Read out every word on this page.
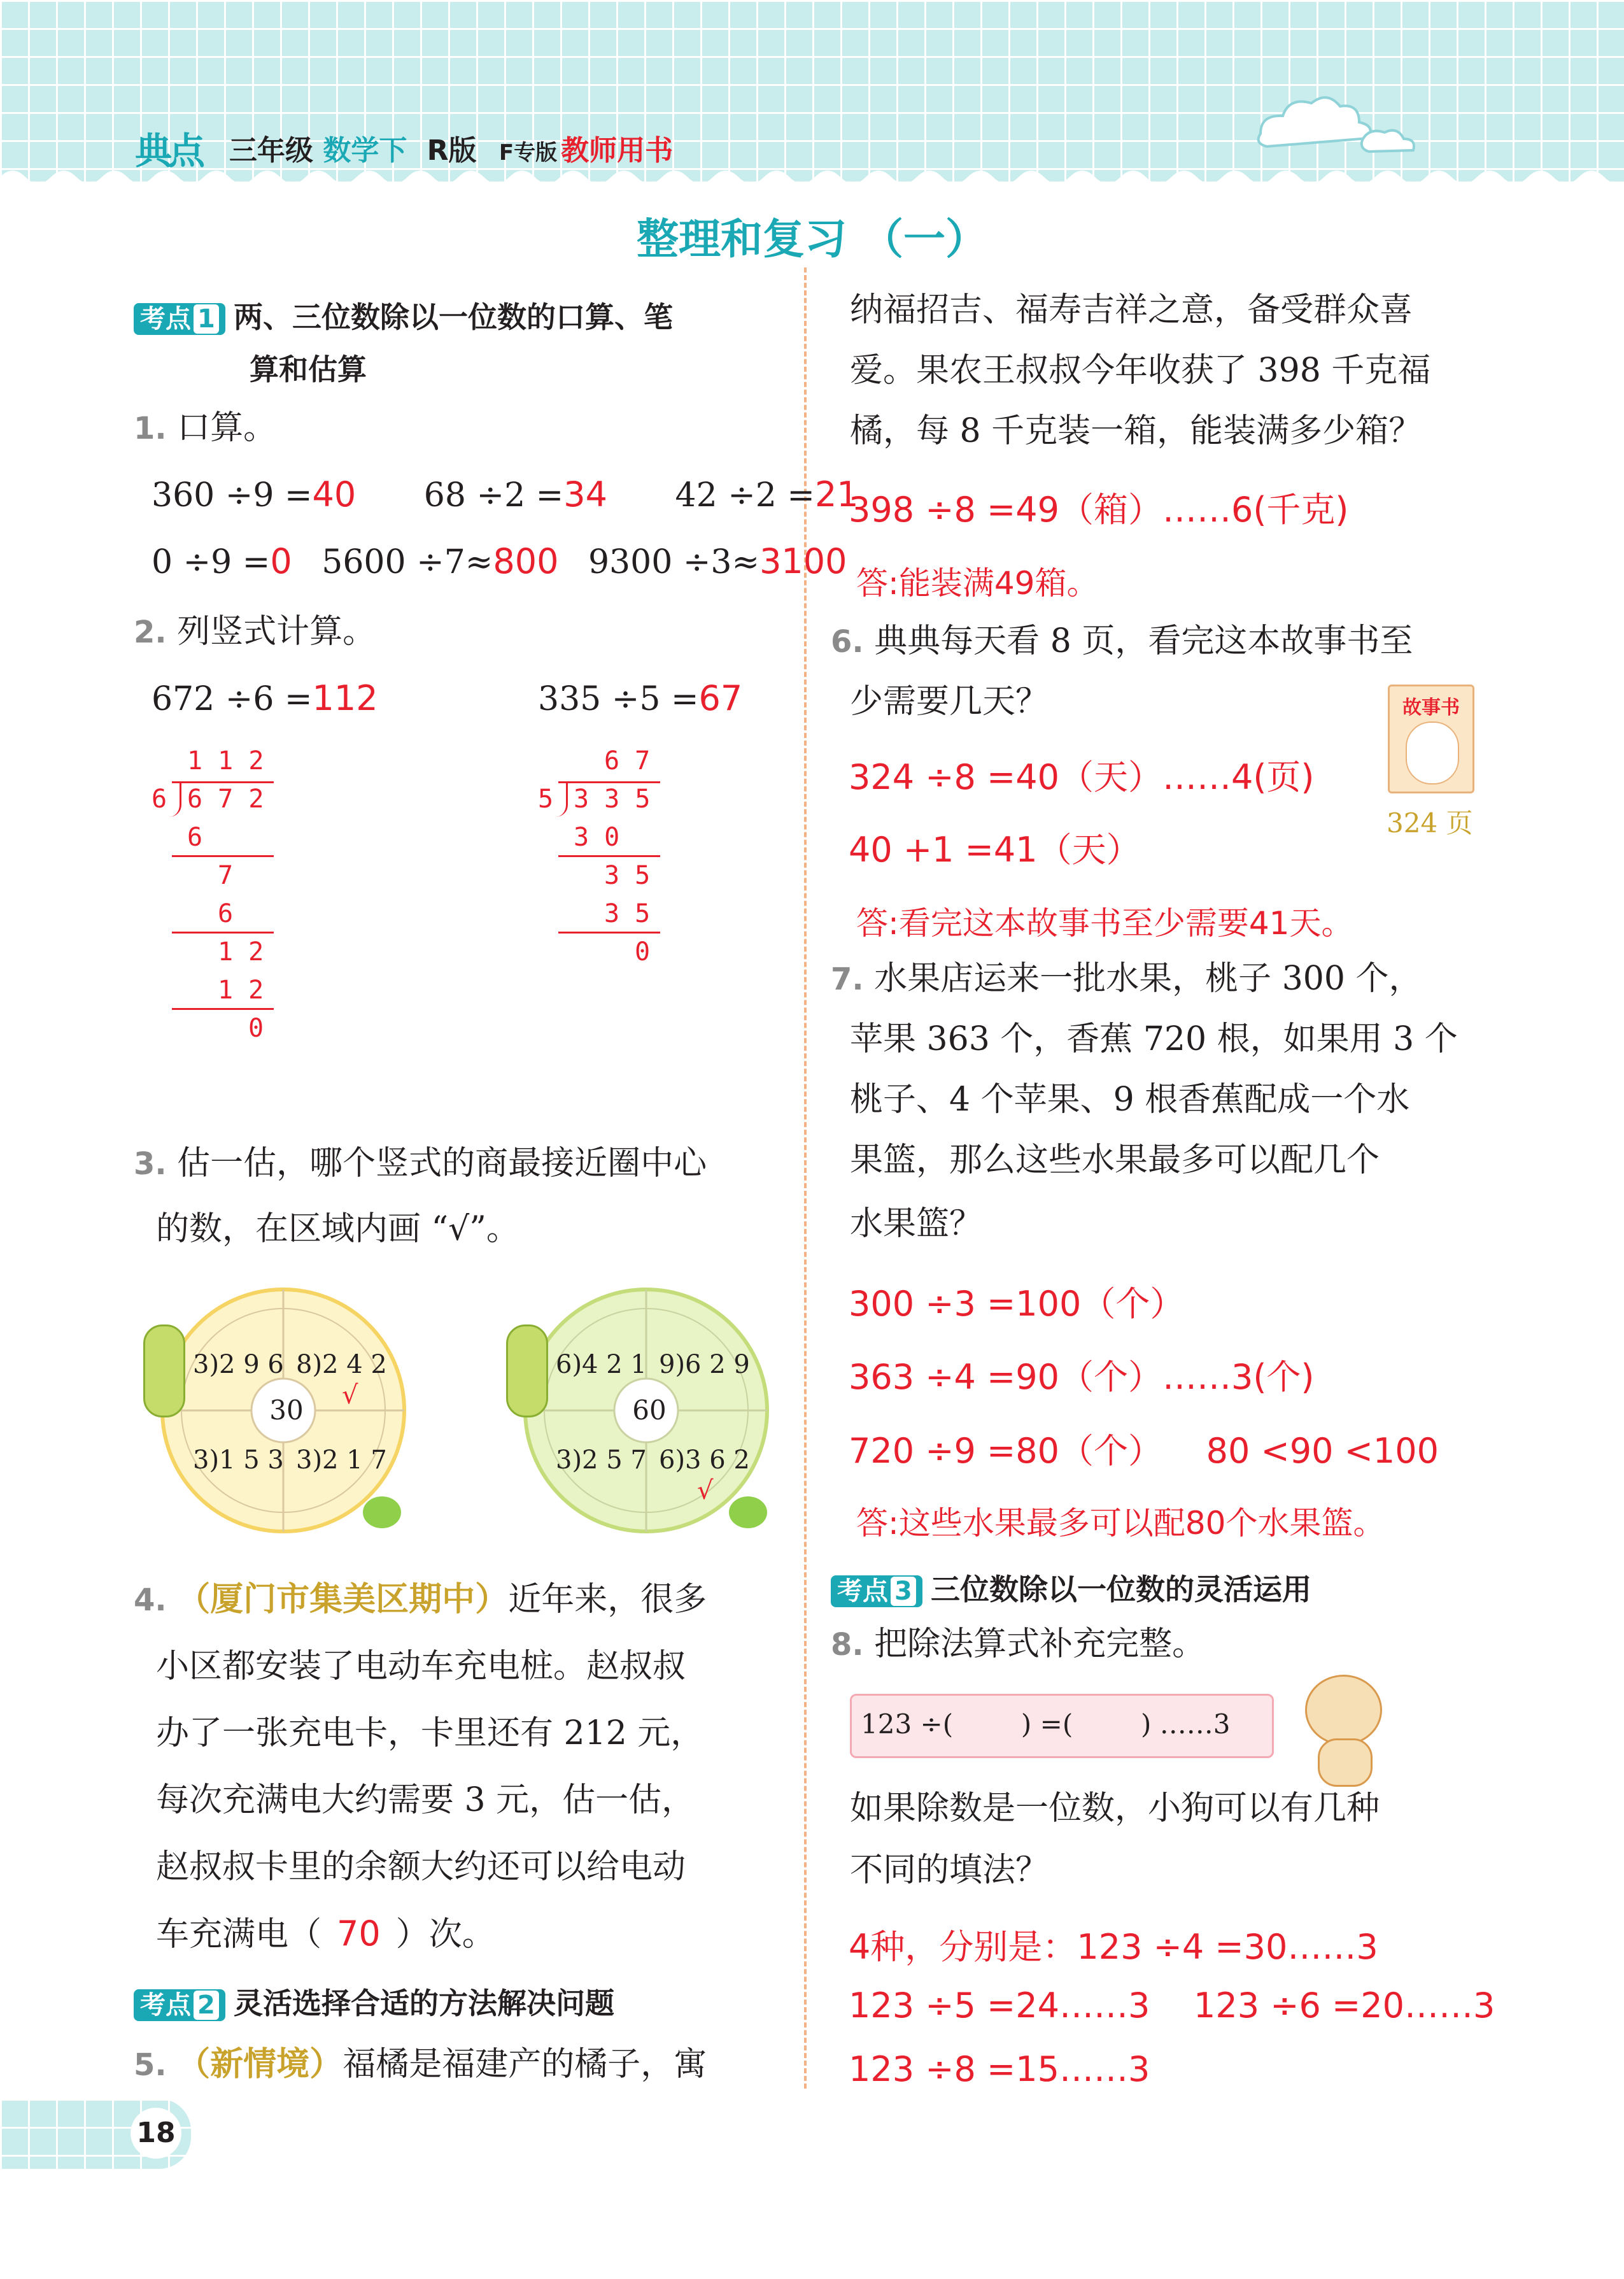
典点 三年级 数学下 R版 F专版 教师用书
整理和复习 （一）
考点 1 两、三位数除以一位数的口算、笔
算和估算
1. 口算。
360 ÷9 =40 68 ÷2 =34 42 ÷2 =21
0 ÷9 =0 5600 ÷7≈800 9300 ÷3≈3100
2. 列竖式计算。
672 ÷6 =112	335 ÷5 =67
1 1 2
6 6 7 2
6
7
6
1 2
1 2
0
6 7
5 3 3 5
3 0
3 5
3 5
0
3. 估一估，哪个竖式的商最接近圈中心
的数，在区域内画 “√”。
3)2 9 6 8)2 4 2
√
30
3)1 5 3 3)2 1 7
6)4 2 1 9)6 2 9
60
3)2 5 7 6)3 6 2
√
4. （厦门市集美区期中）近年来，很多
小区都安装了电动车充电桩。赵叔叔
办了一张充电卡，卡里还有 212 元，
每次充满电大约需要 3 元，估一估，
赵叔叔卡里的余额大约还可以给电动
车充满电（ 70 ）次。
考点 2 灵活选择合适的方法解决问题
5. （新情境）福橘是福建产的橘子，寓
18
纳福招吉、福寿吉祥之意，备受群众喜
爱。果农王叔叔今年收获了 398 千克福
橘，每 8 千克装一箱，能装满多少箱？
398 ÷8 =49（箱）……6(千克)
答:能装满49箱。
6. 典典每天看 8 页，看完这本故事书至
少需要几天？
324 ÷8 =40（天）……4(页)
40 +1 =41（天）
答:看完这本故事书至少需要41天。
故事书
324 页
7. 水果店运来一批水果，桃子 300 个，
苹果 363 个，香蕉 720 根，如果用 3 个
桃子、4 个苹果、9 根香蕉配成一个水
果篮，那么这些水果最多可以配几个
水果篮？
300 ÷3 =100（个）
363 ÷4 =90（个）……3(个)
720 ÷9 =80（个）    80 <90 <100
答:这些水果最多可以配80个水果篮。
考点 3 三位数除以一位数的灵活运用
8. 把除法算式补充完整。
123 ÷(        ) =(        ) ……3
如果除数是一位数，小狗可以有几种
不同的填法？
4种，分别是：123 ÷4 =30……3
123 ÷5 =24……3    123 ÷6 =20……3
123 ÷8 =15……3
